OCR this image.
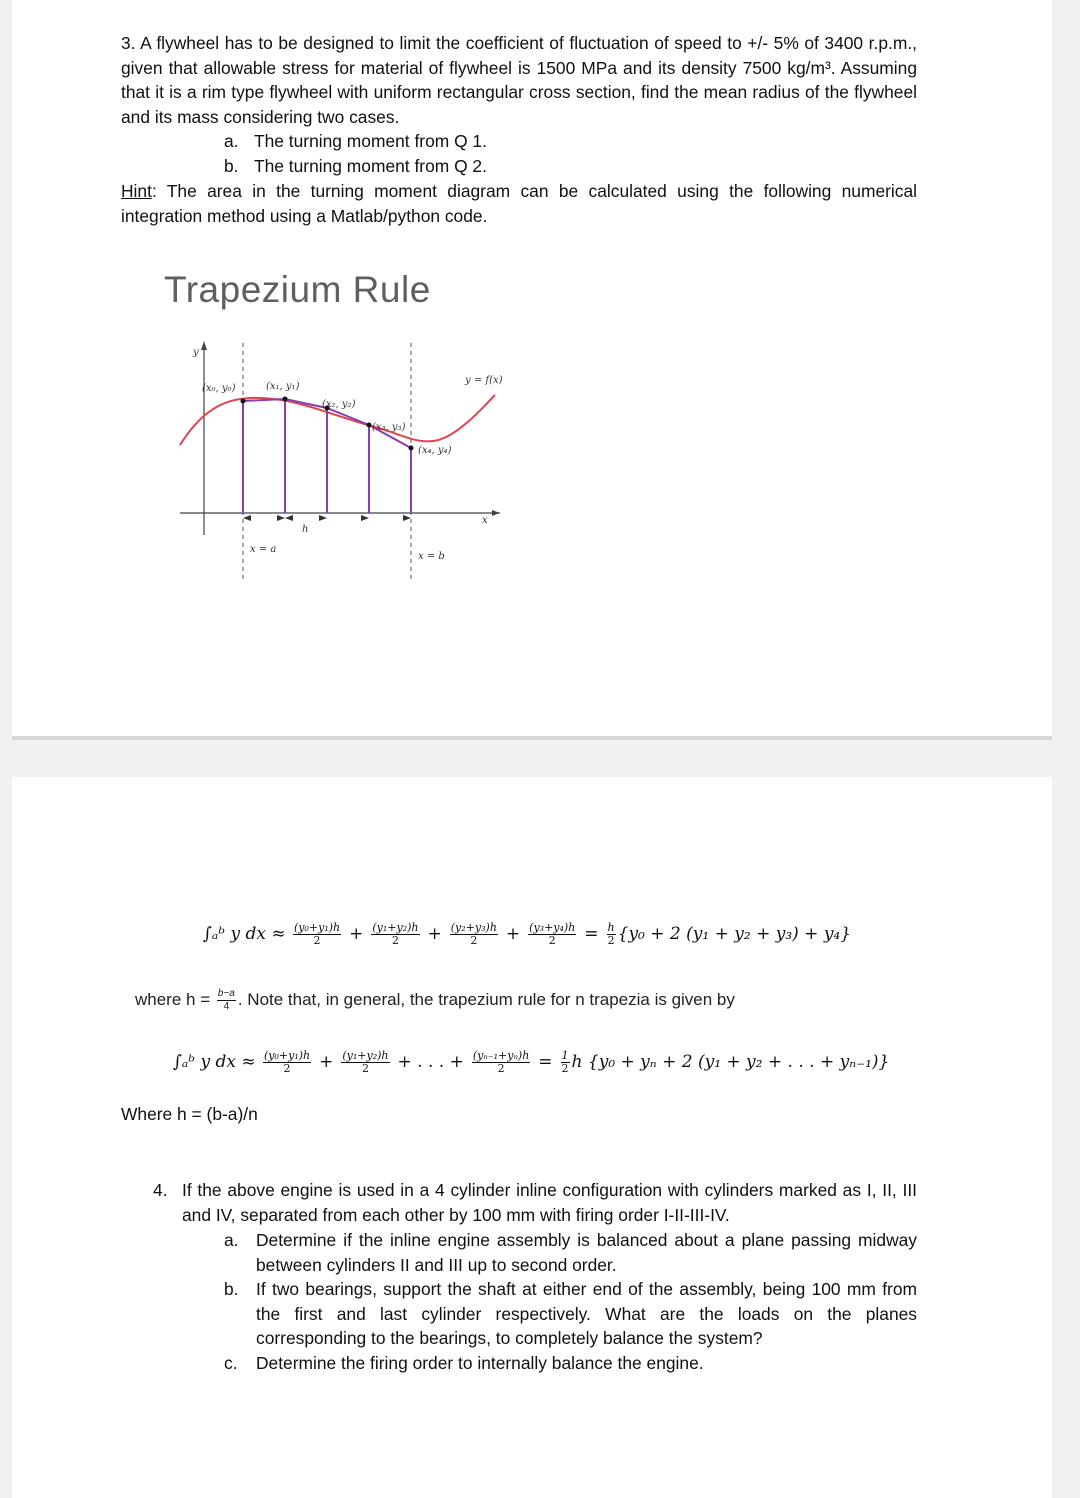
3. A flywheel has to be designed to limit the coefficient of fluctuation of speed to +/- 5% of 3400 r.p.m., given that allowable stress for material of flywheel is 1500 MPa and its density 7500 kg/m³. Assuming that it is a rim type flywheel with uniform rectangular cross section, find the mean radius of the flywheel and its mass considering two cases.
a. The turning moment from Q 1.
b. The turning moment from Q 2.
Hint: The area in the turning moment diagram can be calculated using the following numerical integration method using a Matlab/python code.
Trapezium Rule
y
x
y = f(x)
(x₀, y₀)	(x₁, y₁)
(x₂, y₂)
(x₃, y₃)
(x₄, y₄)
h
x = a
x = b
∫ₐᵇ y dx ≈ $\frac{\text{(y₀+y₁)h}}{2} + \frac{\text{(y₁+y₂)h}}{2} + \frac{\text{(y₂+y₃)h}}{2} + \frac{\text{(y₃+y₄)h}}{2} = \frac{h}{2} \{y_0 + 2$ (y₁ + y₂ + y₃) + y₄}
where $h = \frac{b-a}{4}$ . Note that, in general, the trapezium rule for n trapezia is given by
∫ₐᵇ y dx ≈ $\frac{\text{(y₀+y₁)h}}{2} + \frac{\text{(y₁+y₂)h}}{2}$ + . . . + $\frac{\text{(yₙ₋₁+yₙ)h}}{2} = \frac{1}{2}$ h {y₀ + yₙ + 2 (y₁ + y₂ + . . . + yₙ₋₁)}
Where h = (b-a)/n
4. If the above engine is used in a 4 cylinder inline configuration with cylinders marked as I, II, III and IV, separated from each other by 100 mm with firing order I-II-III-IV.
a. Determine if the inline engine assembly is balanced about a plane passing midway between cylinders II and III up to second order.
b. If two bearings, support the shaft at either end of the assembly, being 100 mm from the first and last cylinder respectively. What are the loads on the planes corresponding to the bearings, to completely balance the system?
c. Determine the firing order to internally balance the engine.
